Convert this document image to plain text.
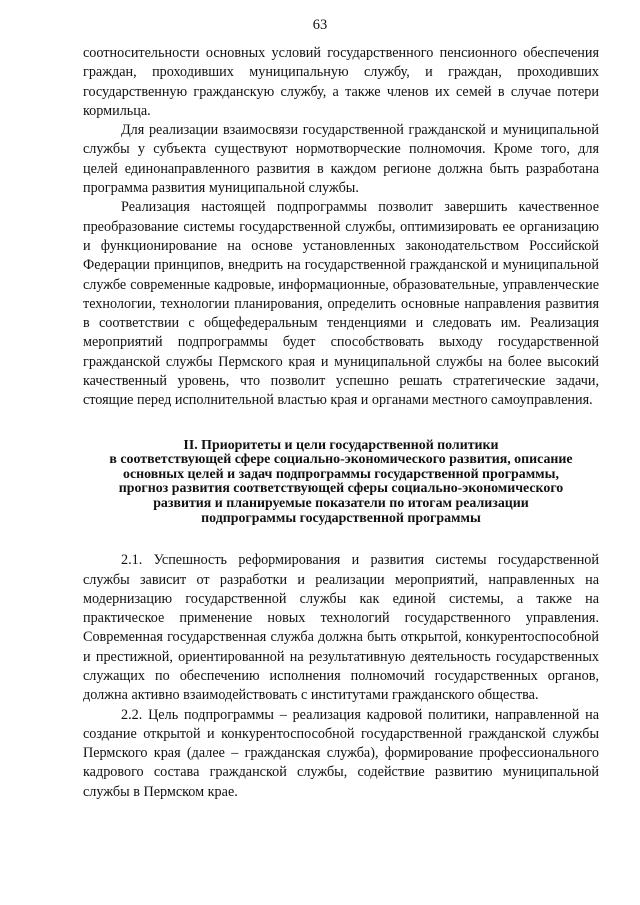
63

соотносительности основных условий государственного пенсионного обеспечения граждан, проходивших муниципальную службу, и граждан, проходивших государственную гражданскую службу, а также членов их семей в случае потери кормильца.

Для реализации взаимосвязи государственной гражданской и муниципальной службы у субъекта существуют нормотворческие полномочия. Кроме того, для целей единонаправленного развития в каждом регионе должна быть разработана программа развития муниципальной службы.

Реализация настоящей подпрограммы позволит завершить качественное преобразование системы государственной службы, оптимизировать ее организацию и функционирование на основе установленных законодательством Российской Федерации принципов, внедрить на государственной гражданской и муниципальной службе современные кадровые, информационные, образовательные, управленческие технологии, технологии планирования, определить основные направления развития в соответствии с общефедеральным тенденциями и следовать им. Реализация мероприятий подпрограммы будет способствовать выходу государственной гражданской службы Пермского края и муниципальной службы на более высокий качественный уровень, что позволит успешно решать стратегические задачи, стоящие перед исполнительной властью края и органами местного самоуправления.

II. Приоритеты и цели государственной политики
в соответствующей сфере социально-экономического развития, описание
основных целей и задач подпрограммы государственной программы,
прогноз развития соответствующей сферы социально-экономического
развития и планируемые показатели по итогам реализации
подпрограммы государственной программы

2.1. Успешность реформирования и развития системы государственной службы зависит от разработки и реализации мероприятий, направленных на модернизацию государственной службы как единой системы, а также на практическое применение новых технологий государственного управления. Современная государственная служба должна быть открытой, конкурентоспособной и престижной, ориентированной на результативную деятельность государственных служащих по обеспечению исполнения полномочий государственных органов, должна активно взаимодействовать с институтами гражданского общества.

2.2. Цель подпрограммы – реализация кадровой политики, направленной на создание открытой и конкурентоспособной государственной гражданской службы Пермского края (далее – гражданская служба), формирование профессионального кадрового состава гражданской службы, содействие развитию муниципальной службы в Пермском крае.
